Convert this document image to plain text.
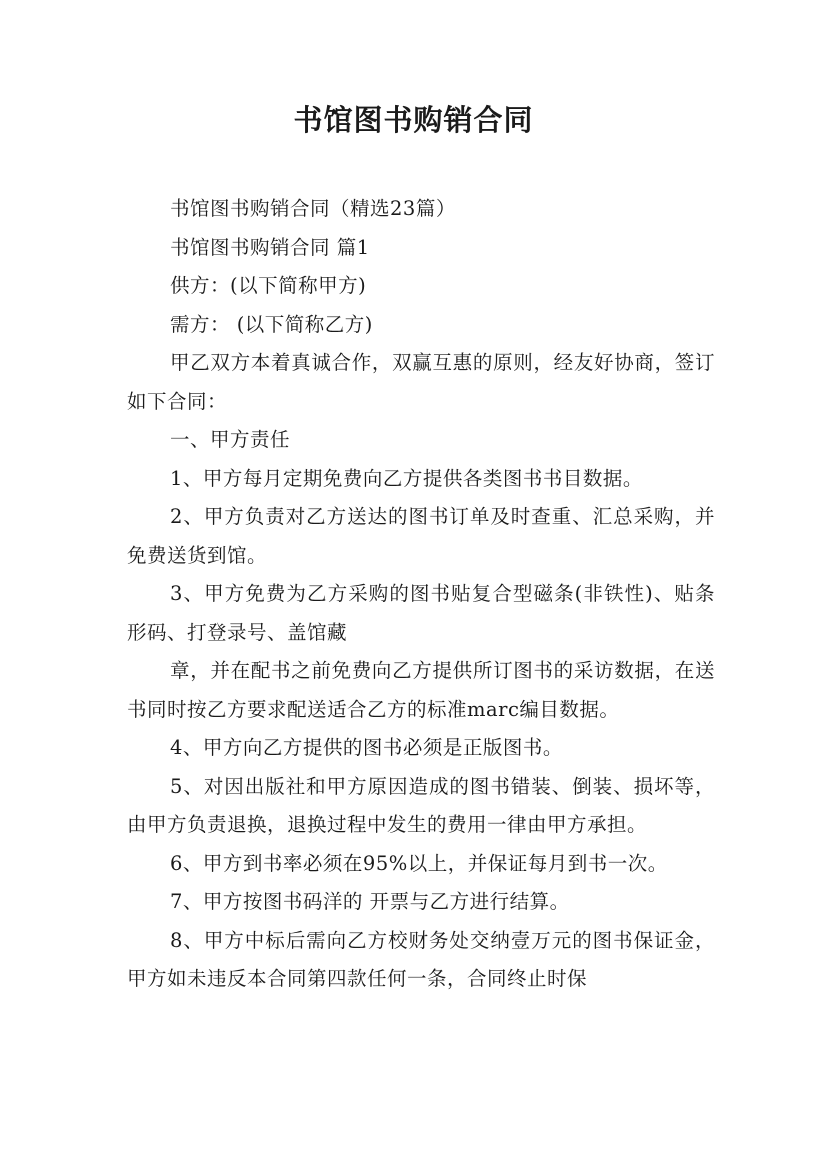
书馆图书购销合同

书馆图书购销合同（精选23篇）

书馆图书购销合同 篇1

供方：(以下简称甲方)

需方： (以下简称乙方)

甲乙双方本着真诚合作，双赢互惠的原则，经友好协商，签订如下合同：

一、甲方责任

1、甲方每月定期免费向乙方提供各类图书书目数据。

2、甲方负责对乙方送达的图书订单及时查重、汇总采购，并免费送货到馆。

3、甲方免费为乙方采购的图书贴复合型磁条(非铁性)、贴条形码、打登录号、盖馆藏

章，并在配书之前免费向乙方提供所订图书的采访数据，在送书同时按乙方要求配送适合乙方的标准marc编目数据。

4、甲方向乙方提供的图书必须是正版图书。

5、对因出版社和甲方原因造成的图书错装、倒装、损坏等，由甲方负责退换，退换过程中发生的费用一律由甲方承担。

6、甲方到书率必须在95%以上，并保证每月到书一次。

7、甲方按图书码洋的 开票与乙方进行结算。

8、甲方中标后需向乙方校财务处交纳壹万元的图书保证金，甲方如未违反本合同第四款任何一条，合同终止时保
